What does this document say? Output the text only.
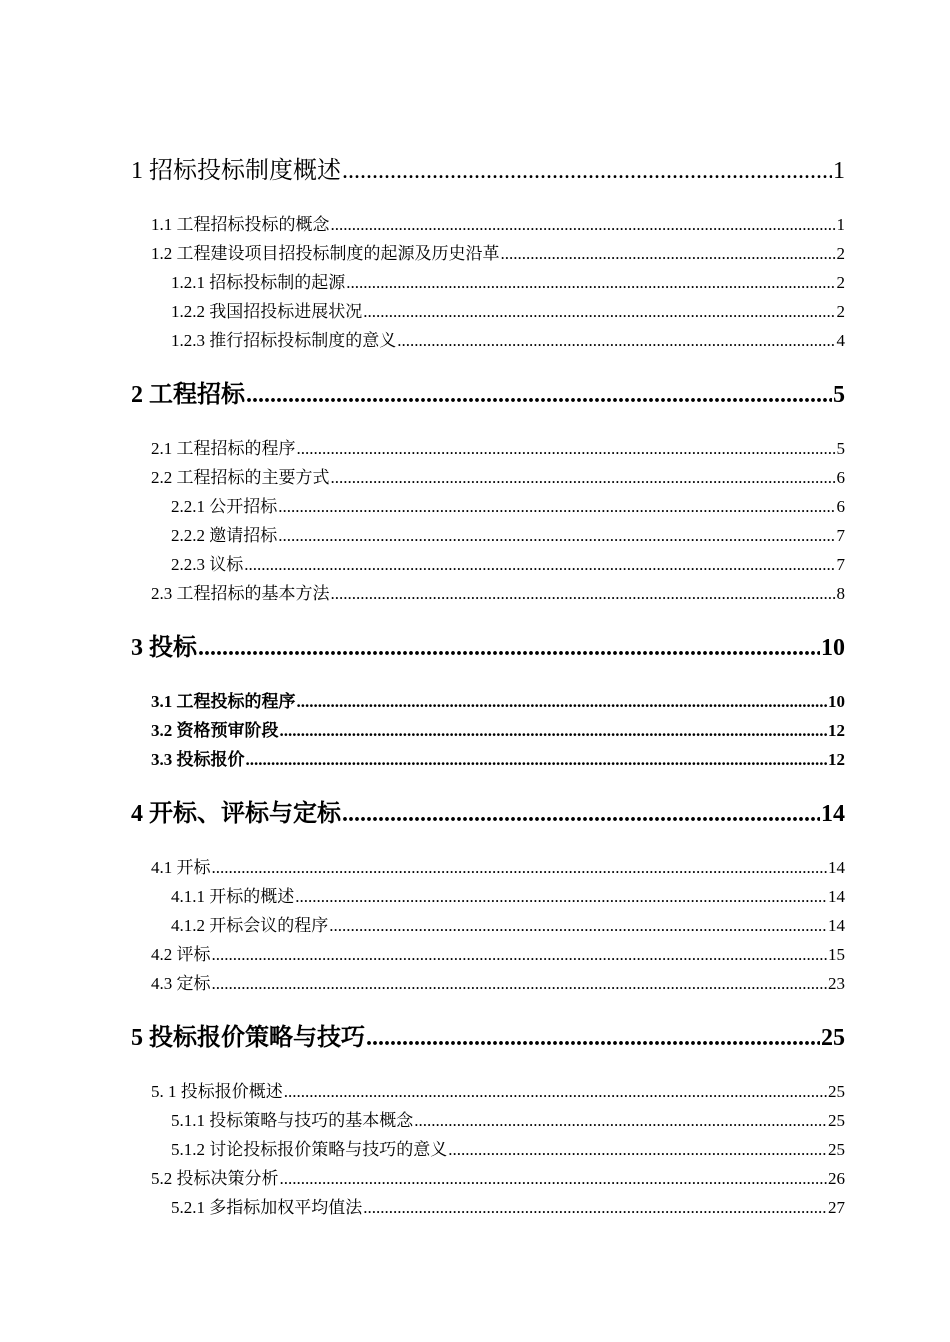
1 招标投标制度概述 .....	1
1.1 工程招标投标的概念 .....	1
1.2 工程建设项目招投标制度的起源及历史沿革 .....	2
1.2.1 招标投标制的起源 .....	2
1.2.2 我国招投标进展状况 .....	2
1.2.3 推行招标投标制度的意义 .....	4
2 工程招标 .....	5
2.1 工程招标的程序 .....	5
2.2 工程招标的主要方式 .....	6
2.2.1 公开招标 .....	6
2.2.2 邀请招标 .....	7
2.2.3 议标 .....	7
2.3 工程招标的基本方法 .....	8
3 投标 .....	10
3.1 工程投标的程序 .....	10
3.2 资格预审阶段 .....	12
3.3 投标报价 .....	12
4 开标、评标与定标 .....	14
4.1 开标 .....	14
4.1.1 开标的概述 .....	14
4.1.2 开标会议的程序 .....	14
4.2 评标 .....	15
4.3 定标 .....	23
5 投标报价策略与技巧 .....	25
5. 1 投标报价概述 .....	25
5.1.1 投标策略与技巧的基本概念 .....	25
5.1.2 讨论投标报价策略与技巧的意义 .....	25
5.2 投标决策分析 .....	26
5.2.1 多指标加权平均值法 .....	27
